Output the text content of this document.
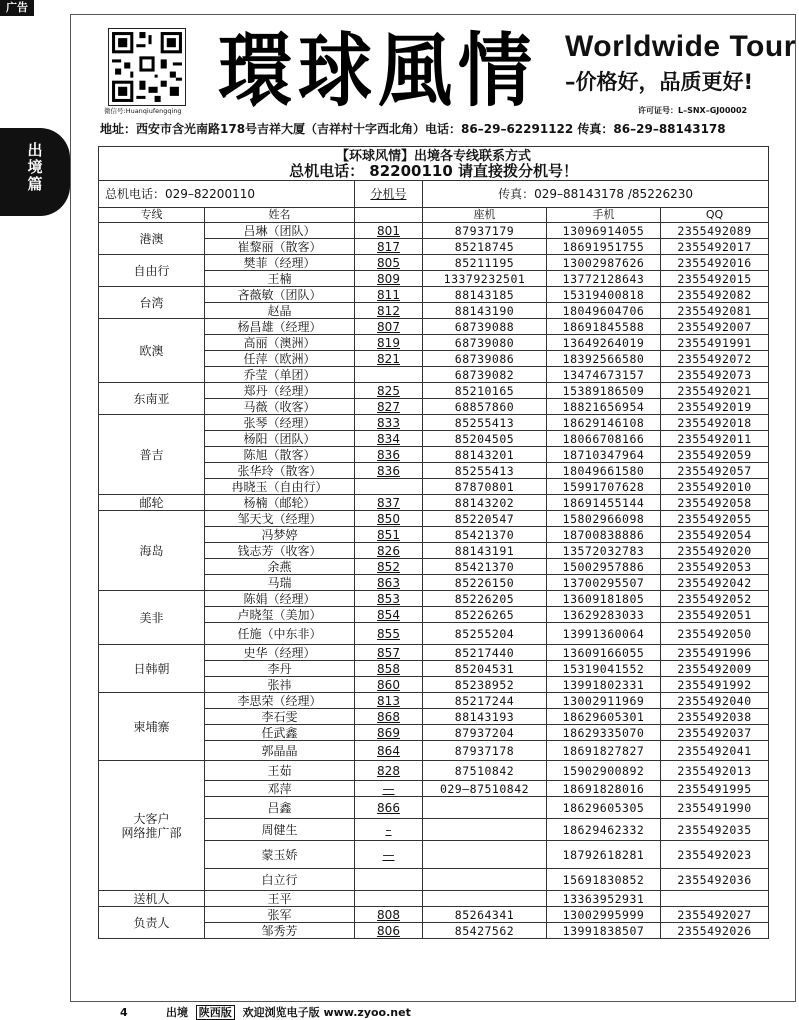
广告
出
境
篇
微信号:Huanqiufengqing 環球風情 Worldwide Tour
–价格好，品质更好!
许可证号：L–SNX–GJ00002
地址：西安市含光南路178号吉祥大厦（吉祥村十字西北角）电话：86–29–62291122 传真：86–29–88143178
【环球风情】出境各专线联系方式
总机电话： 82200110 请直接拨分机号！					

总机电话：029–82200110		分机号	传真：029–88143178 /85226230		
专线	姓名		座机	手机	QQ
港澳	吕琳（团队）	801	87937179	13096914055	2355492089
	崔黎丽（散客）	817	85218745	18691951755	2355492017
自由行	樊菲（经理）	805	85211195	13002987626	2355492016
	王楠	809	13379232501	13772128643	2355492015
台湾	吝薇敏（团队）	811	88143185	15319400818	2355492082
	赵晶	812	88143190	18049604706	2355492081
欧澳	杨昌雄（经理）	807	68739088	18691845588	2355492007
	高丽（澳洲）	819	68739080	13649264019	2355491991
	任萍（欧洲）	821	68739086	18392566580	2355492072
	乔莹（单团）		68739082	13474673157	2355492073
东南亚	郑丹（经理）	825	85210165	15389186509	2355492021
	马薇（收客）	827	68857860	18821656954	2355492019
普吉	张琴（经理）	833	85255413	18629146108	2355492018
	杨阳（团队）	834	85204505	18066708166	2355492011
	陈旭（散客）	836	88143201	18710347964	2355492059
	张华玲（散客）	836	85255413	18049661580	2355492057
	冉晓玉（自由行）		87870801	15991707628	2355492010
邮轮	杨楠（邮轮）	837	88143202	18691455144	2355492058
海岛	邹天戈（经理）	850	85220547	15802966098	2355492055
	冯梦婷	851	85421370	18700838886	2355492054
	钱志芳（收客）	826	88143191	13572032783	2355492020
	余燕	852	85421370	15002957886	2355492053
	马瑞	863	85226150	13700295507	2355492042
美非	陈娟（经理）	853	85226205	13609181805	2355492052
	卢晓玺（美加）	854	85226265	13629283033	2355492051
	任施（中东非）	855	85255204	13991360064	2355492050
日韩朝	史华（经理）	857	85217440	13609166055	2355491996
	李丹	858	85204531	15319041552	2355492009
	张祎	860	85238952	13991802331	2355491992
柬埔寨	李思荣（经理）	813	85217244	13002911969	2355492040
	李石雯	868	88143193	18629605301	2355492038
	任武鑫	869	87937204	18629335070	2355492037
	郭晶晶	864	87937178	18691827827	2355492041
大客户
网络推广部	王茹	828	87510842	15902900892	2355492013
	邓萍	—	029–87510842	18691828016	2355491995
	吕鑫	866		18629605305	2355491990
	周健生	–		18629462332	2355492035
	蒙玉娇	—		18792618281	2355492023
	白立行			15691830852	2355492036
送机人	王平			13363952931	
负责人	张军	808	85264341	13002995999	2355492027
	邹秀芳	806	85427562	13991838507	2355492026
4	出境 陕西版 欢迎浏览电子版 www.zyoo.net
